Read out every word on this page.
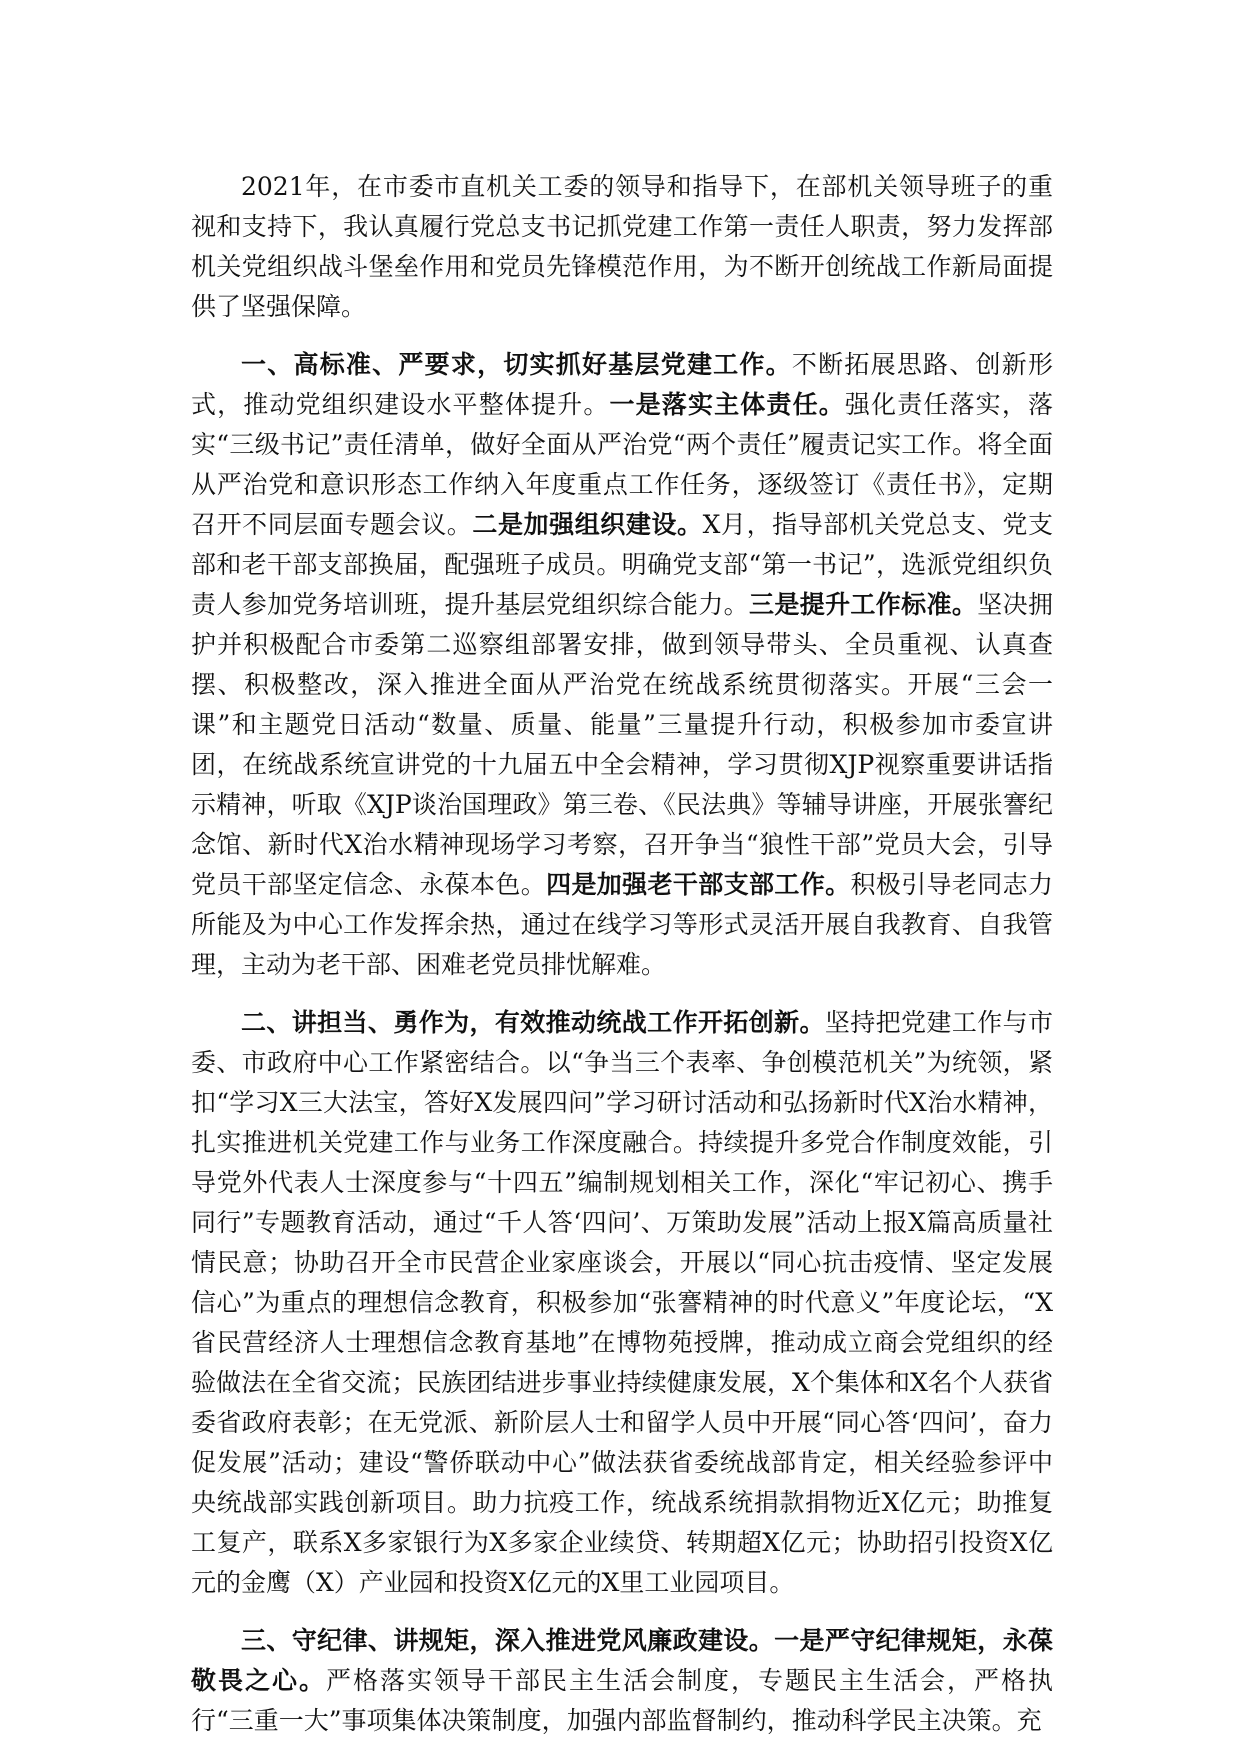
2021年，在市委市直机关工委的领导和指导下，在部机关领导班子的重视和支持下，我认真履行党总支书记抓党建工作第一责任人职责，努力发挥部机关党组织战斗堡垒作用和党员先锋模范作用，为不断开创统战工作新局面提供了坚强保障。

一、高标准、严要求，切实抓好基层党建工作。不断拓展思路、创新形式，推动党组织建设水平整体提升。一是落实主体责任。强化责任落实，落实“三级书记”责任清单，做好全面从严治党“两个责任”履责记实工作。将全面从严治党和意识形态工作纳入年度重点工作任务，逐级签订《责任书》，定期召开不同层面专题会议。二是加强组织建设。X月，指导部机关党总支、党支部和老干部支部换届，配强班子成员。明确党支部“第一书记”，选派党组织负责人参加党务培训班，提升基层党组织综合能力。三是提升工作标准。坚决拥护并积极配合市委第二巡察组部署安排，做到领导带头、全员重视、认真查摆、积极整改，深入推进全面从严治党在统战系统贯彻落实。开展“三会一课”和主题党日活动“数量、质量、能量”三量提升行动，积极参加市委宣讲团，在统战系统宣讲党的十九届五中全会精神，学习贯彻XJP视察重要讲话指示精神，听取《XJP谈治国理政》第三卷、《民法典》等辅导讲座，开展张謇纪念馆、新时代X治水精神现场学习考察，召开争当“狼性干部”党员大会，引导党员干部坚定信念、永葆本色。四是加强老干部支部工作。积极引导老同志力所能及为中心工作发挥余热，通过在线学习等形式灵活开展自我教育、自我管理，主动为老干部、困难老党员排忧解难。

二、讲担当、勇作为，有效推动统战工作开拓创新。坚持把党建工作与市委、市政府中心工作紧密结合。以“争当三个表率、争创模范机关”为统领，紧扣“学习X三大法宝，答好X发展四问”学习研讨活动和弘扬新时代X治水精神，扎实推进机关党建工作与业务工作深度融合。持续提升多党合作制度效能，引导党外代表人士深度参与“十四五”编制规划相关工作，深化“牢记初心、携手同行”专题教育活动，通过“千人答‘四问’、万策助发展”活动上报X篇高质量社情民意；协助召开全市民营企业家座谈会，开展以“同心抗击疫情、坚定发展信心”为重点的理想信念教育，积极参加“张謇精神的时代意义”年度论坛，“X省民营经济人士理想信念教育基地”在博物苑授牌，推动成立商会党组织的经验做法在全省交流；民族团结进步事业持续健康发展，X个集体和X名个人获省委省政府表彰；在无党派、新阶层人士和留学人员中开展“同心答‘四问’，奋力促发展”活动；建设“警侨联动中心”做法获省委统战部肯定，相关经验参评中央统战部实践创新项目。助力抗疫工作，统战系统捐款捐物近X亿元；助推复工复产，联系X多家银行为X多家企业续贷、转期超X亿元；协助招引投资X亿元的金鹰（X）产业园和投资X亿元的X里工业园项目。

三、守纪律、讲规矩，深入推进党风廉政建设。一是严守纪律规矩，永葆敬畏之心。严格落实领导干部民主生活会制度，专题民主生活会，严格执行“三重一大”事项集体决策制度，加强内部监督制约，推动科学民主决策。充
